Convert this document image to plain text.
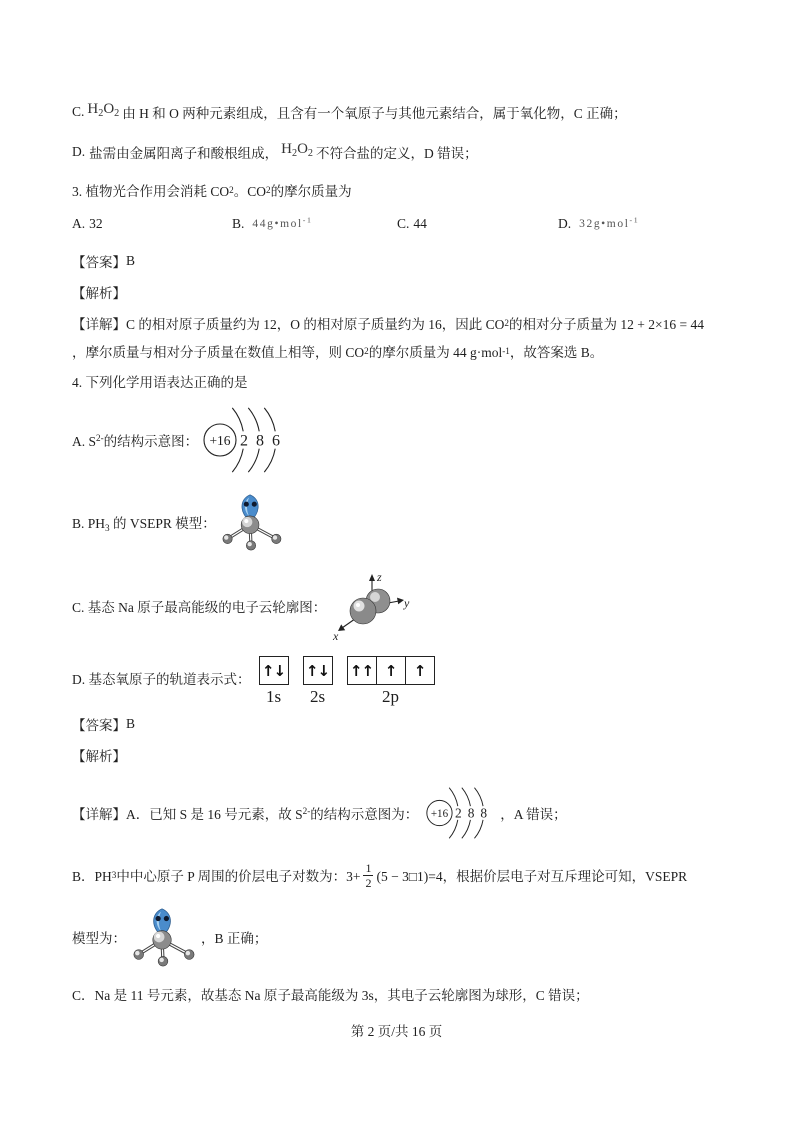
C. $H_2O_2$ 由 H 和 O 两种元素组成，且含有一个氧原子与其他元素结合，属于氧化物，C 正确；
D. 盐需由金属阳离子和酸根组成， $H_2O_2$ 不符合盐的定义，D 错误；
3. 植物光合作用会消耗 CO 2 。CO 2 的摩尔质量为
A. 32	B. 44g•mol$^{-1}$	C. 44	D. 32g•mol$^{-1}$
【答案】 B
【解析】
【详解】C 的相对原子质量约为 12，O 的相对原子质量约为 16，因此 CO 2 的相对分子质量为 12 + 2×16 = 44
，摩尔质量与相对分子质量在数值上相等，则 CO 2 的摩尔质量为 44 g·mol -1 ，故答案选 B。
4. 下列化学用语表达正确的是
A. $S^{2-}$的结构示意图： +16 2 8 6
B. $PH_3$ 的 VSEPR 模型：
C. 基态 Na 原子最高能级的电子云轮廓图：
z
y
x
D. 基态氧原子的轨道表示式： ↑↓
1s
↑↓
2s
↑↑ ↑	↑
2p
【答案】 B
【解析】
【详解】A．已知 S 是 16 号元素，故 $S^{2-}$的结构示意图为： +16 2 8 8 ，A 错误；
B．PH 3 中中心原子 P 周围的价层电子对数为：$3+ \frac{1}{2} (5$ − 3□1)=4，根据价层电子对互斥理论可知，VSEPR
模型为：	，B 正确；
C．Na 是 11 号元素，故基态 Na 原子最高能级为 3s，其电子云轮廓图为球形，C 错误；
第 2 页/共 16 页
